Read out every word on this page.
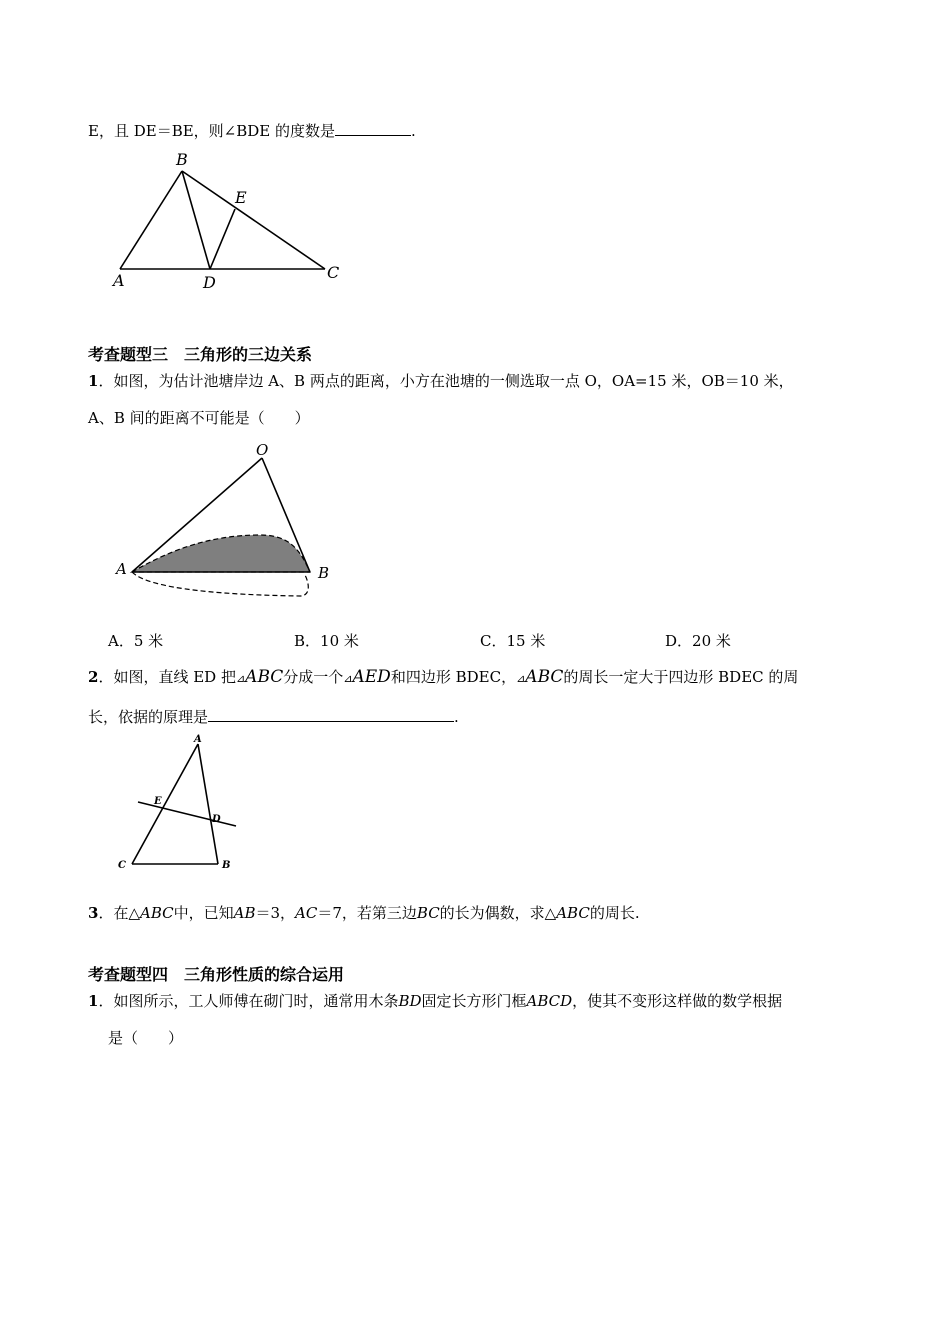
E，且 DE＝BE，则∠BDE 的度数是	.
B
E
A	D
C
考查题型三　三角形的三边关系
1．如图，为估计池塘岸边 A、B 两点的距离，小方在池塘的一侧选取一点 O，OA=15 米，OB＝10 米，
A、B 间的距离不可能是（　　）
O
A	B
A．5 米	B．10 米	C．15 米	D．20 米
2．如图，直线 ED 把⊿ABC分成一个⊿AED和四边形 BDEC，⊿ABC的周长一定大于四边形 BDEC 的周
长，依据的原理是	.
A
E
D
C	B
3．在△ABC中，已知AB＝3，AC＝7，若第三边BC的长为偶数，求△ABC的周长.
考查题型四　三角形性质的综合运用
1．如图所示，工人师傅在砌门时，通常用木条BD固定长方形门框ABCD，使其不变形这样做的数学根据
是（　　）
